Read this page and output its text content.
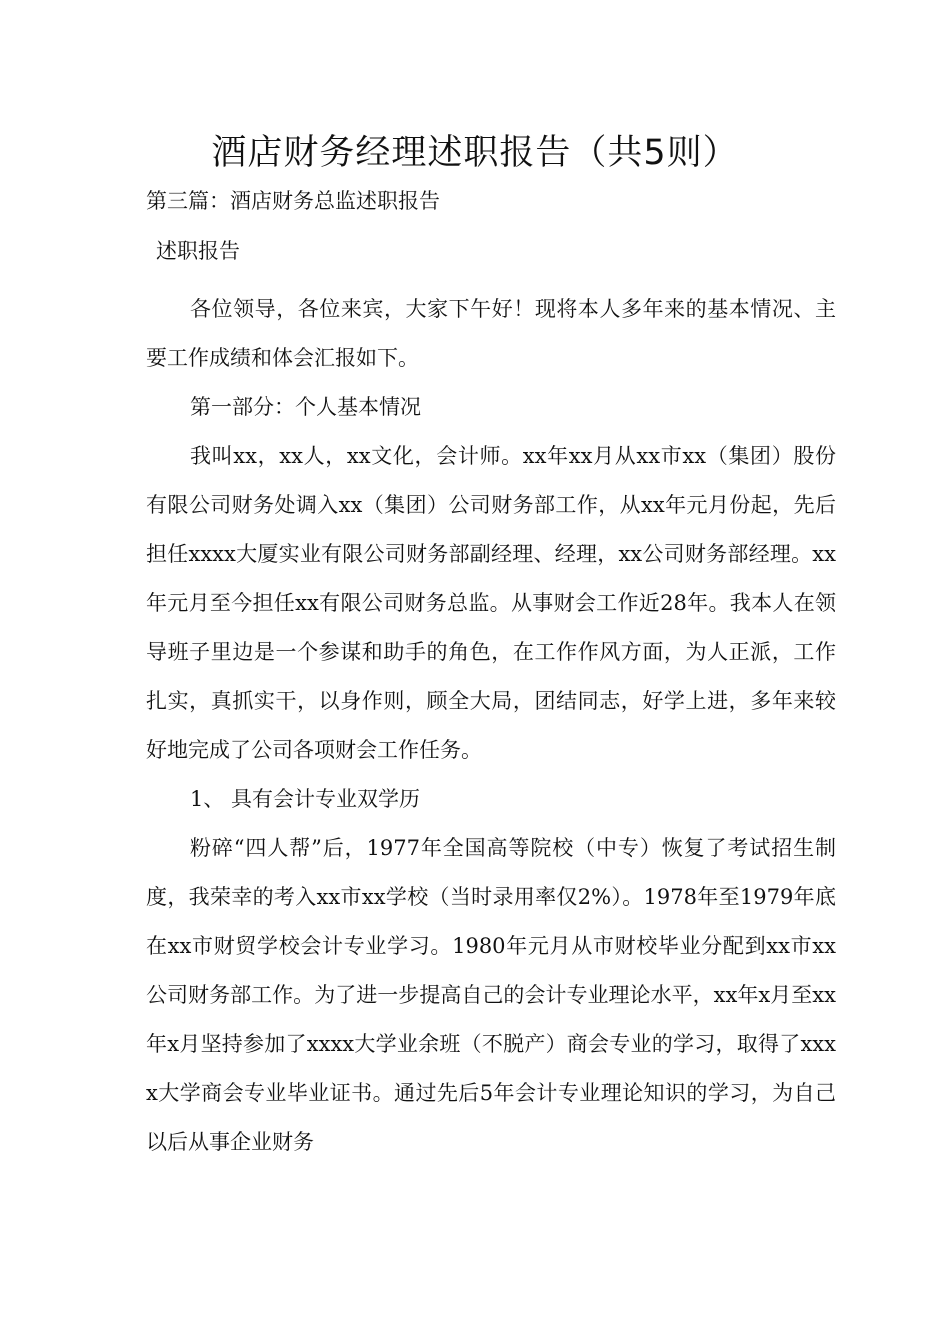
酒店财务经理述职报告（共5则）
第三篇：酒店财务总监述职报告
述职报告

各位领导，各位来宾，大家下午好！现将本人多年来的基本情况、主要工作成绩和体会汇报如下。

第一部分：个人基本情况

我叫xx，xx人，xx文化，会计师。xx年xx月从xx市xx（集团）股份有限公司财务处调入xx（集团）公司财务部工作，从xx年元月份起，先后担任xxxx大厦实业有限公司财务部副经理、经理，xx公司财务部经理。xx年元月至今担任xx有限公司财务总监。从事财会工作近28年。我本人在领导班子里边是一个参谋和助手的角色，在工作作风方面，为人正派，工作扎实，真抓实干，以身作则，顾全大局，团结同志，好学上进，多年来较好地完成了公司各项财会工作任务。

1、 具有会计专业双学历

粉碎“四人帮”后，1977年全国高等院校（中专）恢复了考试招生制度，我荣幸的考入xx市xx学校（当时录用率仅2%）。1978年至1979年底在xx市财贸学校会计专业学习。1980年元月从市财校毕业分配到xx市xx公司财务部工作。为了进一步提高自己的会计专业理论水平，xx年x月至xx年x月坚持参加了xxxx大学业余班（不脱产）商会专业的学习，取得了xxxx大学商会专业毕业证书。通过先后5年会计专业理论知识的学习，为自己以后从事企业财务
